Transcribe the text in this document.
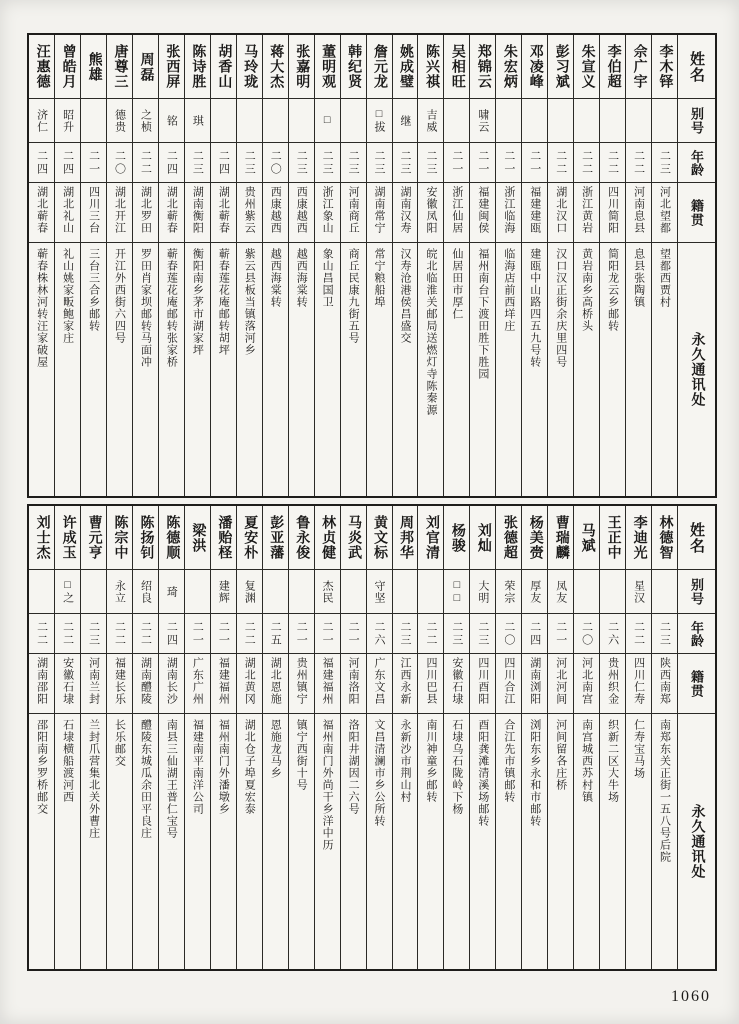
姓名
别号
年龄
籍贯
永久通讯处
李木铎
二三
河北望都
望都西贾村
佘广宇
二二
河南息县
息县张陶镇
李伯超
二二
四川简阳
简阳龙云乡邮转
朱宣义
二二
浙江黄岩
黄岩南乡高桥头
彭习斌
二二
湖北汉口
汉口汉正街余庆里四号
邓凌峰
二一
福建建瓯
建瓯中山路四五九号转
朱宏炳
二一
浙江临海
临海店前西垟庄
郑锦云
啸云
二一
福建闽侯
福州南台下渡田胜下胜园
吴相旺
二一
浙江仙居
仙居田市厚仁
陈兴祺
吉威
二三
安徽凤阳
皖北临淮关邮局送燃灯寺陈秦源
姚成璧
继
二三
湖南汉寿
汉寿沧港侯昌盛交
詹元龙
□拔
二三
湖南常宁
常宁粮船埠
韩纪贤
二三
河南商丘
商丘民康九街五号
董明观
□
二三
浙江象山
象山昌国卫
张嘉明
二三
西康越西
越西海棠转
蒋大杰
二〇
西康越西
越西海棠转
马玲珑
二三
贵州紫云
紫云县板当镇落河乡
胡香山
二四
湖北蕲春
蕲春莲花庵邮转胡坪
陈诗胜
琪
二三
湖南衡阳
衡阳南乡茅市湖家坪
张西屏
铭
二四
湖北蕲春
蕲春莲花庵邮转张家桥
周磊
之桢
二二
湖北罗田
罗田肖家坝邮转马面冲
唐尊三
德贵
二〇
湖北开江
开江外西街六四号
熊雄
二一
四川三台
三台三合乡邮转
曾皓月
昭升
二四
湖北礼山
礼山姚家畈鲍家庄
汪惠德
济仁
二四
湖北蕲春
蕲春株林河转汪家破屋
姓名
别号
年龄
籍贯
永久通讯处
林德智
二三
陕西南郑
南郑东关正街一五八号后院
李迪光
星汉
二二
四川仁寿
仁寿宝马场
王正中
二六
贵州织金
织新二区大牛场
马斌
二〇
河北南宫
南宫城西苏村镇
曹瑞麟
凤友
二一
河北河间
河间留各庄桥
杨美赍
厚友
二四
湖南浏阳
浏阳东乡永和市邮转
张德超
荣宗
二〇
四川合江
合江先市镇邮转
刘灿
大明
二三
四川酉阳
酉阳龚滩清溪场邮转
杨骏
□□
二三
安徽石埭
石埭乌石陇岭下杨
刘官清
二二
四川巴县
南川神童乡邮转
周邦华
二三
江西永新
永新沙市荆山村
黄文标
守坚
二六
广东文昌
文昌清澜市乡公所转
马炎武
二一
河南洛阳
洛阳井湖因二六号
林贞健
杰民
二一
福建福州
福州南门外尚干乡洋中历
鲁永俊
二一
贵州镇宁
镇宁西街十号
彭亚藩
二五
湖北恩施
恩施龙马乡
夏安朴
复渊
二二
湖北黄冈
湖北仓子埠夏宏泰
潘贻柽
建辉
二一
福建福州
福州南门外潘墩乡
梁洪
二一
广东广州
福建南平南洋公司
陈德顺
琦
二四
湖南长沙
南县三仙湖王普仁宝号
陈扬钊
绍良
二二
湖南醴陵
醴陵东城瓜余田平良庄
陈宗中
永立
二二
福建长乐
长乐邮交
曹元亨
二三
河南兰封
兰封爪营集北关外曹庄
许成玉
□之
二二
安徽石埭
石埭横船渡河西
刘士杰
二二
湖南邵阳
邵阳南乡罗桥邮交
1060
